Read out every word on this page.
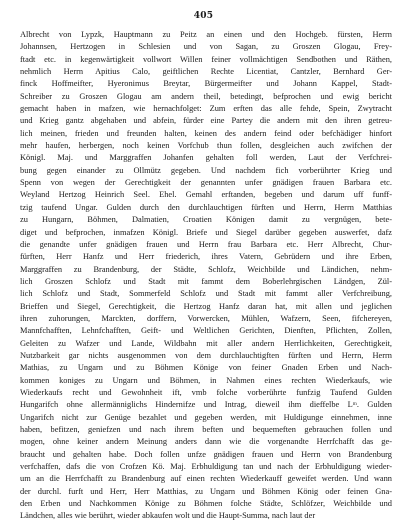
405
Albrecht von Lypzk, Hauptmann zu Peitz an einen und den Hochgeb. fürsten, Herrn
Johannsen, Hertzogen in Schlesien und von Sagan, zu Groszen Glogau, Frey-
ftadt etc. in kegenwärtigkeit vollwort Willen feiner vollmächtigen Sendbothen und Räthen,
nehmlich Herrn Apitius Calo, geiftlichen Rechte Licentiat, Cantzler, Bernhard Ger-
finck Hoffmeifter, Hyeronimus Breytar, Bürgermeifter und Johann Kappel, Stadt-
Schreiber zu Groszen Glogau am andern theil, betedingt, befprochen und ewig bericht
gemacht haben in mafzen, wie hernachfolget: Zum erften das alle fehde, Spein, Zwytracht
und Krieg gantz abgehaben und abfein, fürder eine Partey die andern mit den ihren getreu-
lich meinen, frieden und freunden halten, keinen des andern feind oder befchädiger hinfort
mehr haufen, herbergen, noch keinen Vorfchub thun follen, desgleichen auch zwifchen der
Königl. Maj. und Marggraffen Johanfen gehalten foll werden, Laut der Verfchrei-
bung gegen einander zu Ollmütz gegeben. Und nachdem fich vorberührter Krieg und
Spenn von wegen der Gerechtigkeit der genannten unfer gnädigen frauen Barbara etc.
Weyland Hertzog Heinrich Seel. Ehel. Gemahl erftanden, begeben und darum uff funff-
tzig taufend Ungar. Gulden durch den durchlauchtigen fürften und Herrn, Herrn Matthias
zu Hungarn, Böhmen, Dalmatien, Croatien Königen damit zu vergnügen, bete-
diget und befprochen, inmafzen Königl. Briefe und Siegel darüber gegeben auswerfet, dafz
die genandte unfer gnädigen frauen und Herrn frau Barbara etc. Herr Albrecht, Chur-
fürften, Herr Hanfz und Herr friederich, ihres Vatern, Gebrüdern und ihre Erben,
Marggraffen zu Brandenburg, der Städte, Schlofz, Weichbilde und Ländichen, nehm-
lich Groszen Schlofz und Stadt mit fammt dem Boberlehrgischen Ländgen, Zül-
lich Schlofz und Stadt, Sommerfeld Schlofz und Stadt mit fammt aller Verfchreibung,
Brieffen und Siegel, Gerechtigkeit, die Hertzog Hanfz daran hat, mit allen und jeglichen
ihren zuhorungen, Marckten, dorffern, Vorwercken, Mühlen, Wafzern, Seen, fifchereyen,
Mannfchafften, Lehnfchafften, Geift- und Weltlichen Gerichten, Dienften, Pflichten, Zollen,
Geleiten zu Wafzer und Lande, Wildbahn mit aller andern Herrlichkeiten, Gerechtigkeit,
Nutzbarkeit gar nichts ausgenommen von dem durchlauchtigften fürften und Herrn, Herrn
Mathias, zu Ungarn und zu Böhmen Könige von feiner Gnaden Erben und Nach-
kommen koniges zu Ungarn und Böhmen, in Nahmen eines rechten Wiederkaufs, wie
Wiederkaufs recht und Gewohnheit ift, vmb folche vorberührte funfzig Taufend Gulden
Hungarifch ohne allermänniglichs Hindernifze und Intrag, dieweil ihm dieffelbe Lᵐ. Gulden
Ungarifch nicht zur Genüge bezahlet und gegeben werden, mit Huldigunge einnehmen, inne
haben, befitzen, geniefzen und nach ihrem beften und bequemeften gebrauchen follen und
mogen, ohne keiner andern Meinung anders dann wie die vorgenandte Herrfchafft das ge-
braucht und gehalten habe. Doch follen unfze gnädigen frauen und Herrn von Brandenburg
verfchaffen, dafs die von Crofzen Kö. Maj. Erbhuldigung tan und nach der Erbhuldigung wieder-
um an die Herrfchafft zu Brandenburg auf einen rechten Wiederkauff geweifet werden. Und wann
der durchl. furft und Herr, Herr Matthias, zu Ungarn und Böhmen König oder feinen Gna-
den Erben und Nachkommen Könige zu Böhmen folche Städte, Schlöfzer, Weichbilde und
Ländchen, alles wie berührt, wieder abkaufen wolt und die Haupt-Summa, nach laut der
